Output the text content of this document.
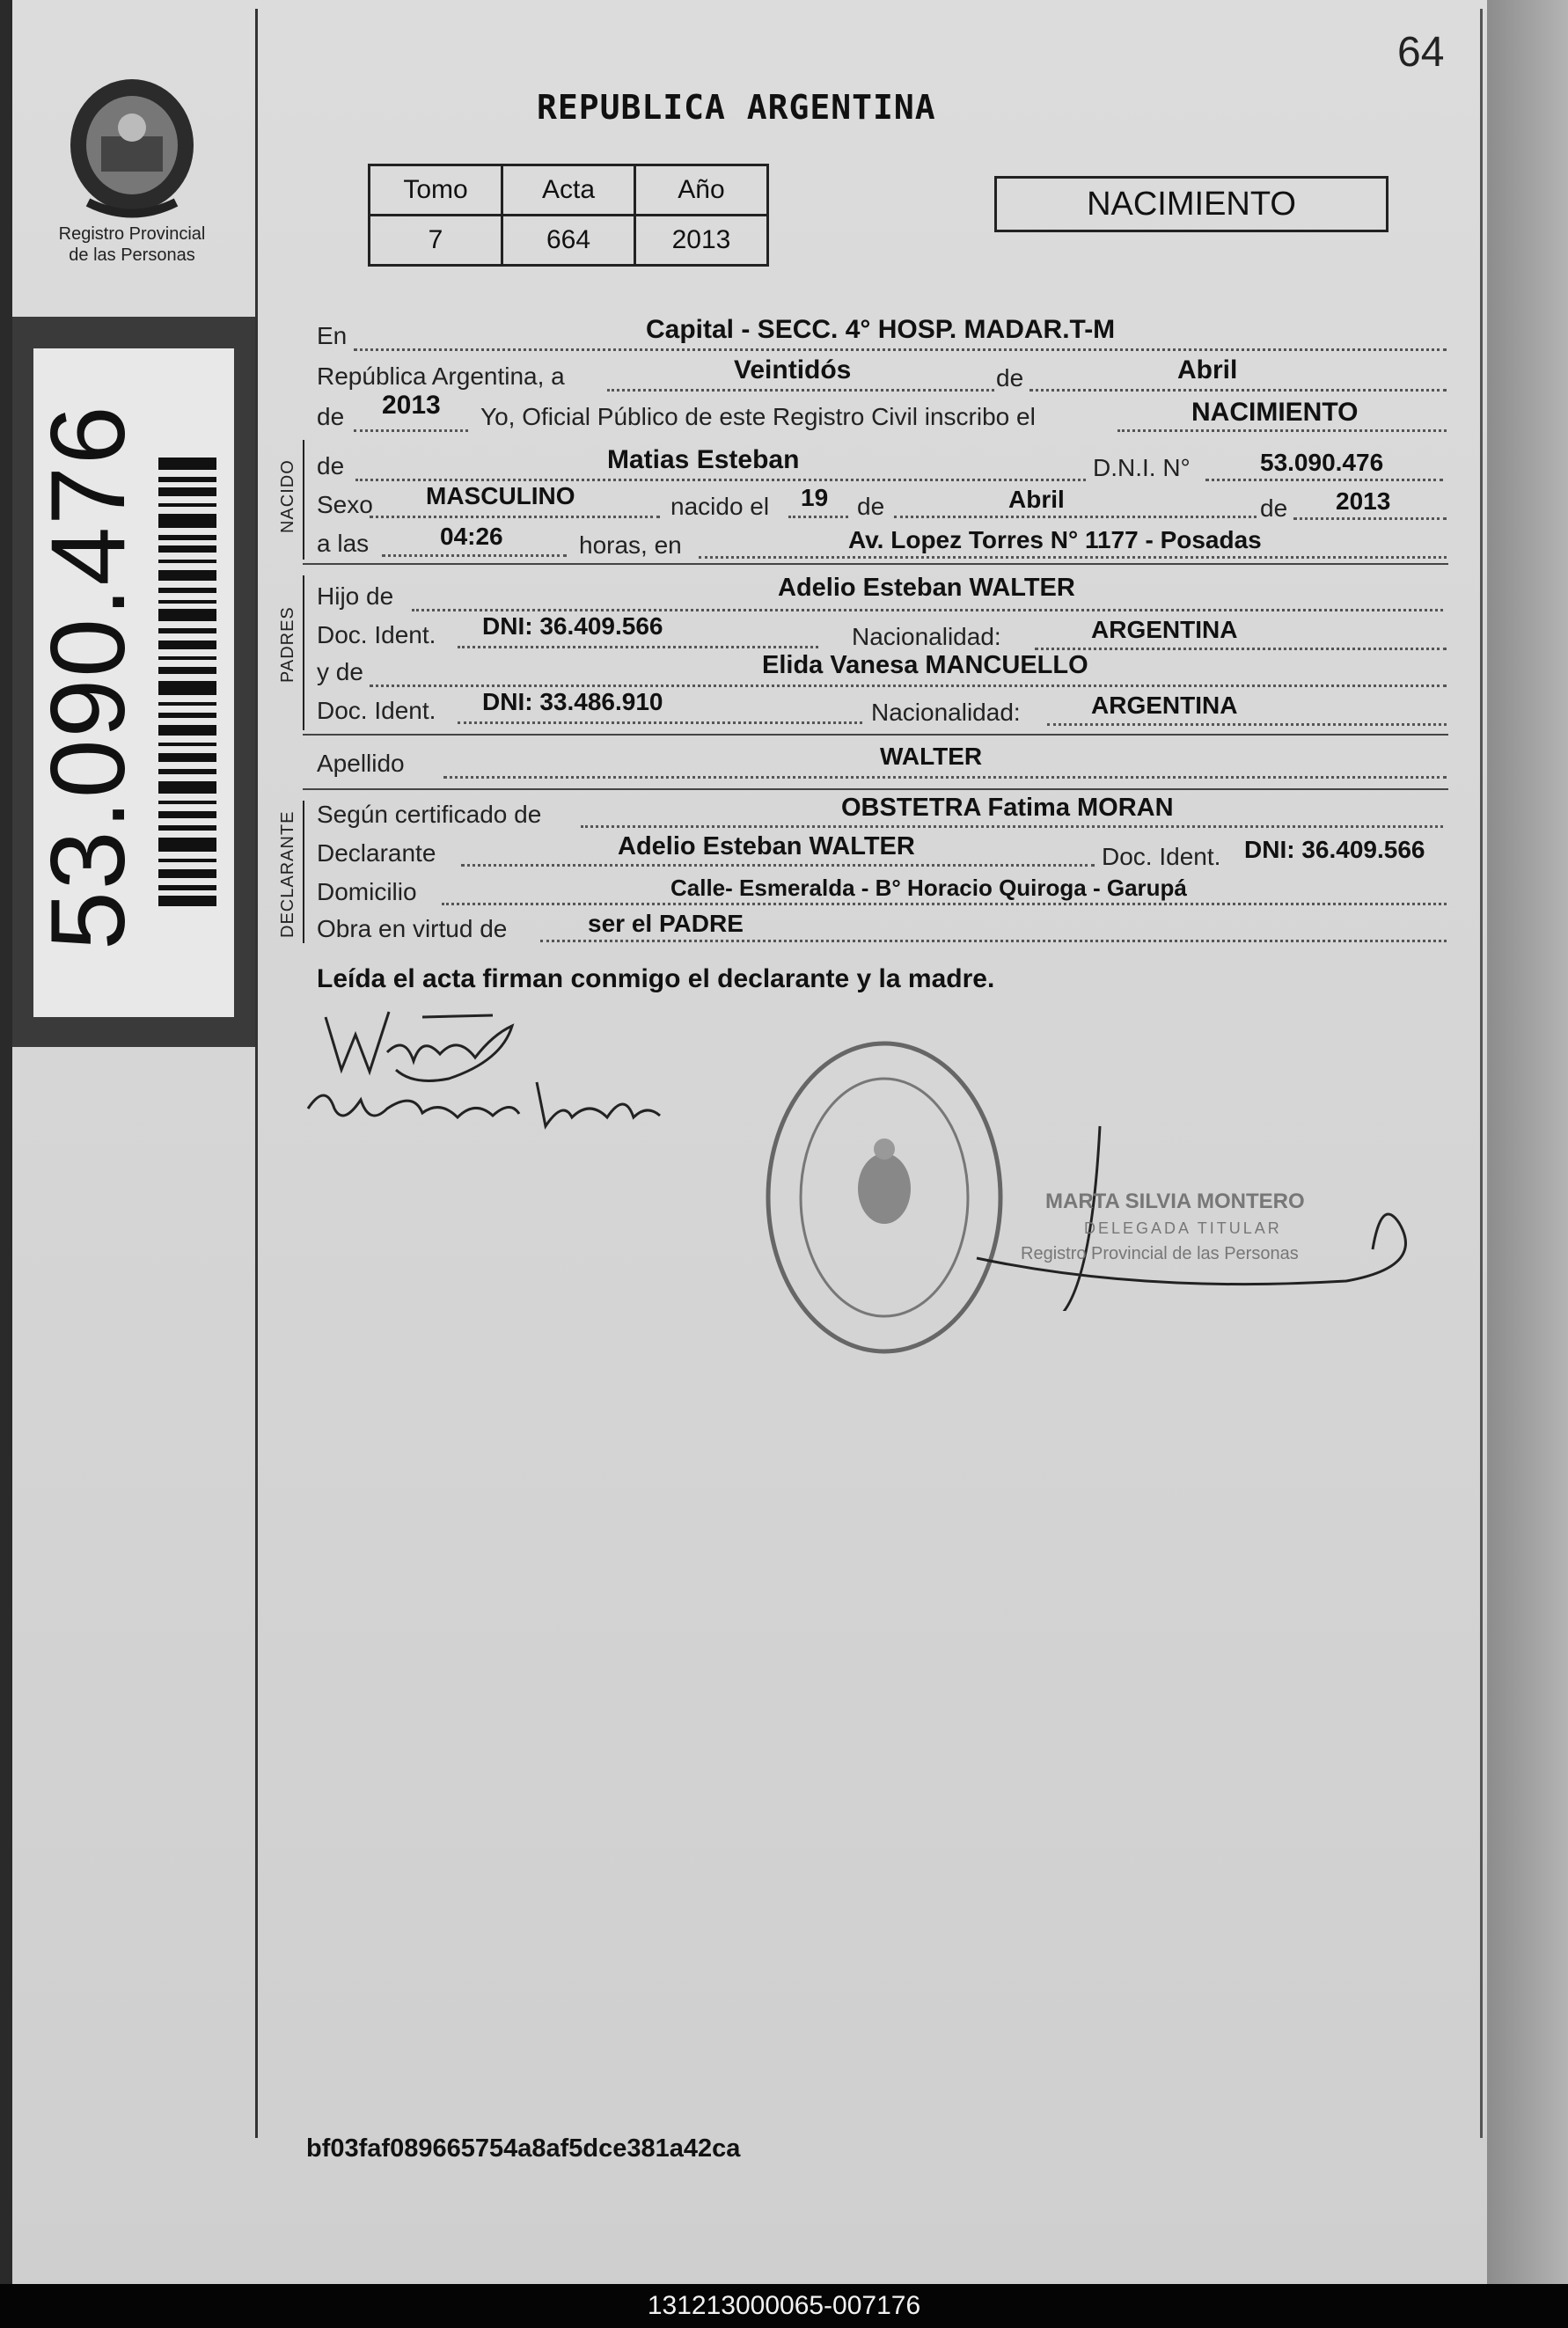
64
Registro Provincial
de las Personas
53.090.476
REPUBLICA ARGENTINA
Tomo	Acta	Año
7	664	2013
NACIMIENTO
En	Capital - SECC. 4° HOSP. MADAR.T-M
República Argentina, a	Veintidós	de	Abril
de 2013 Yo, Oficial Público de este Registro Civil inscribo el	NACIMIENTO
NACIDO de	Matias Esteban	D.N.I. N°	53.090.476
Sexo MASCULINO	nacido el 19 de	Abril	de 2013
a las	04:26	horas, en	Av. Lopez Torres N° 1177 - Posadas
PADRES
Hijo de	Adelio Esteban WALTER
Doc. Ident. DNI: 36.409.566	Nacionalidad:	ARGENTINA
y de	Elida Vanesa MANCUELLO
Doc. Ident. DNI: 33.486.910	Nacionalidad:	ARGENTINA
Apellido	WALTER
DECLARANTE Según certificado de	OBSTETRA Fatima MORAN
Declarante	Adelio Esteban WALTER	Doc. Ident. DNI: 36.409.566
Domicilio	Calle- Esmeralda - B° Horacio Quiroga - Garupá
Obra en virtud de	ser el PADRE
Leída el acta firman conmigo el declarante y la madre.
MARTA SILVIA MONTERO
DELEGADA TITULAR
Registro Provincial de las Personas
bf03faf089665754a8af5dce381a42ca
131213000065-007176
